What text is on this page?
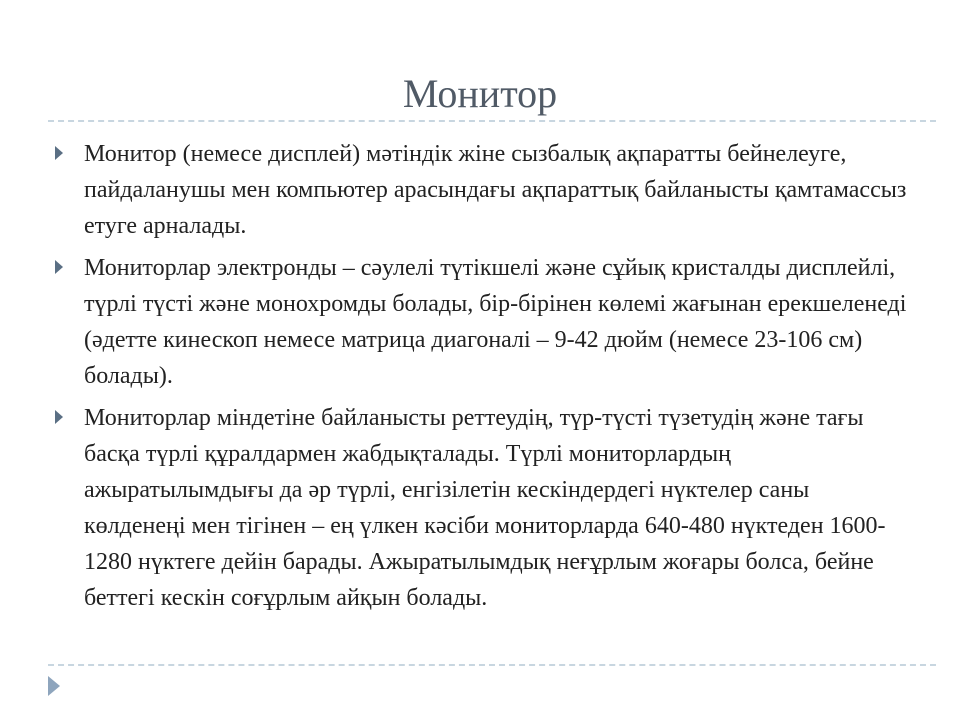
Монитор
Монитор (немесе дисплей) мәтіндік жіне сызбалық ақпаратты бейнелеуге, пайдаланушы мен компьютер арасындағы ақпараттық байланысты қамтамассыз етуге арналады.
Мониторлар электронды – сәулелі түтікшелі және сұйық кристалды дисплейлі, түрлі түсті және монохромды болады, бір-бірінен көлемі жағынан ерекшеленеді (әдетте кинескоп немесе матрица диагоналі – 9-42 дюйм (немесе 23-106 см) болады).
Мониторлар міндетіне байланысты реттеудің, түр-түсті түзетудің және тағы басқа түрлі құралдармен жабдықталады. Түрлі мониторлардың ажыратылымдығы да әр түрлі, енгізілетін кескіндердегі нүктелер саны көлденеңі мен тігінен – ең үлкен кәсіби мониторларда 640-480 нүктеден 1600-1280 нүктеге дейін барады. Ажыратылымдық неғұрлым жоғары болса, бейне беттегі кескін соғұрлым айқын болады.
